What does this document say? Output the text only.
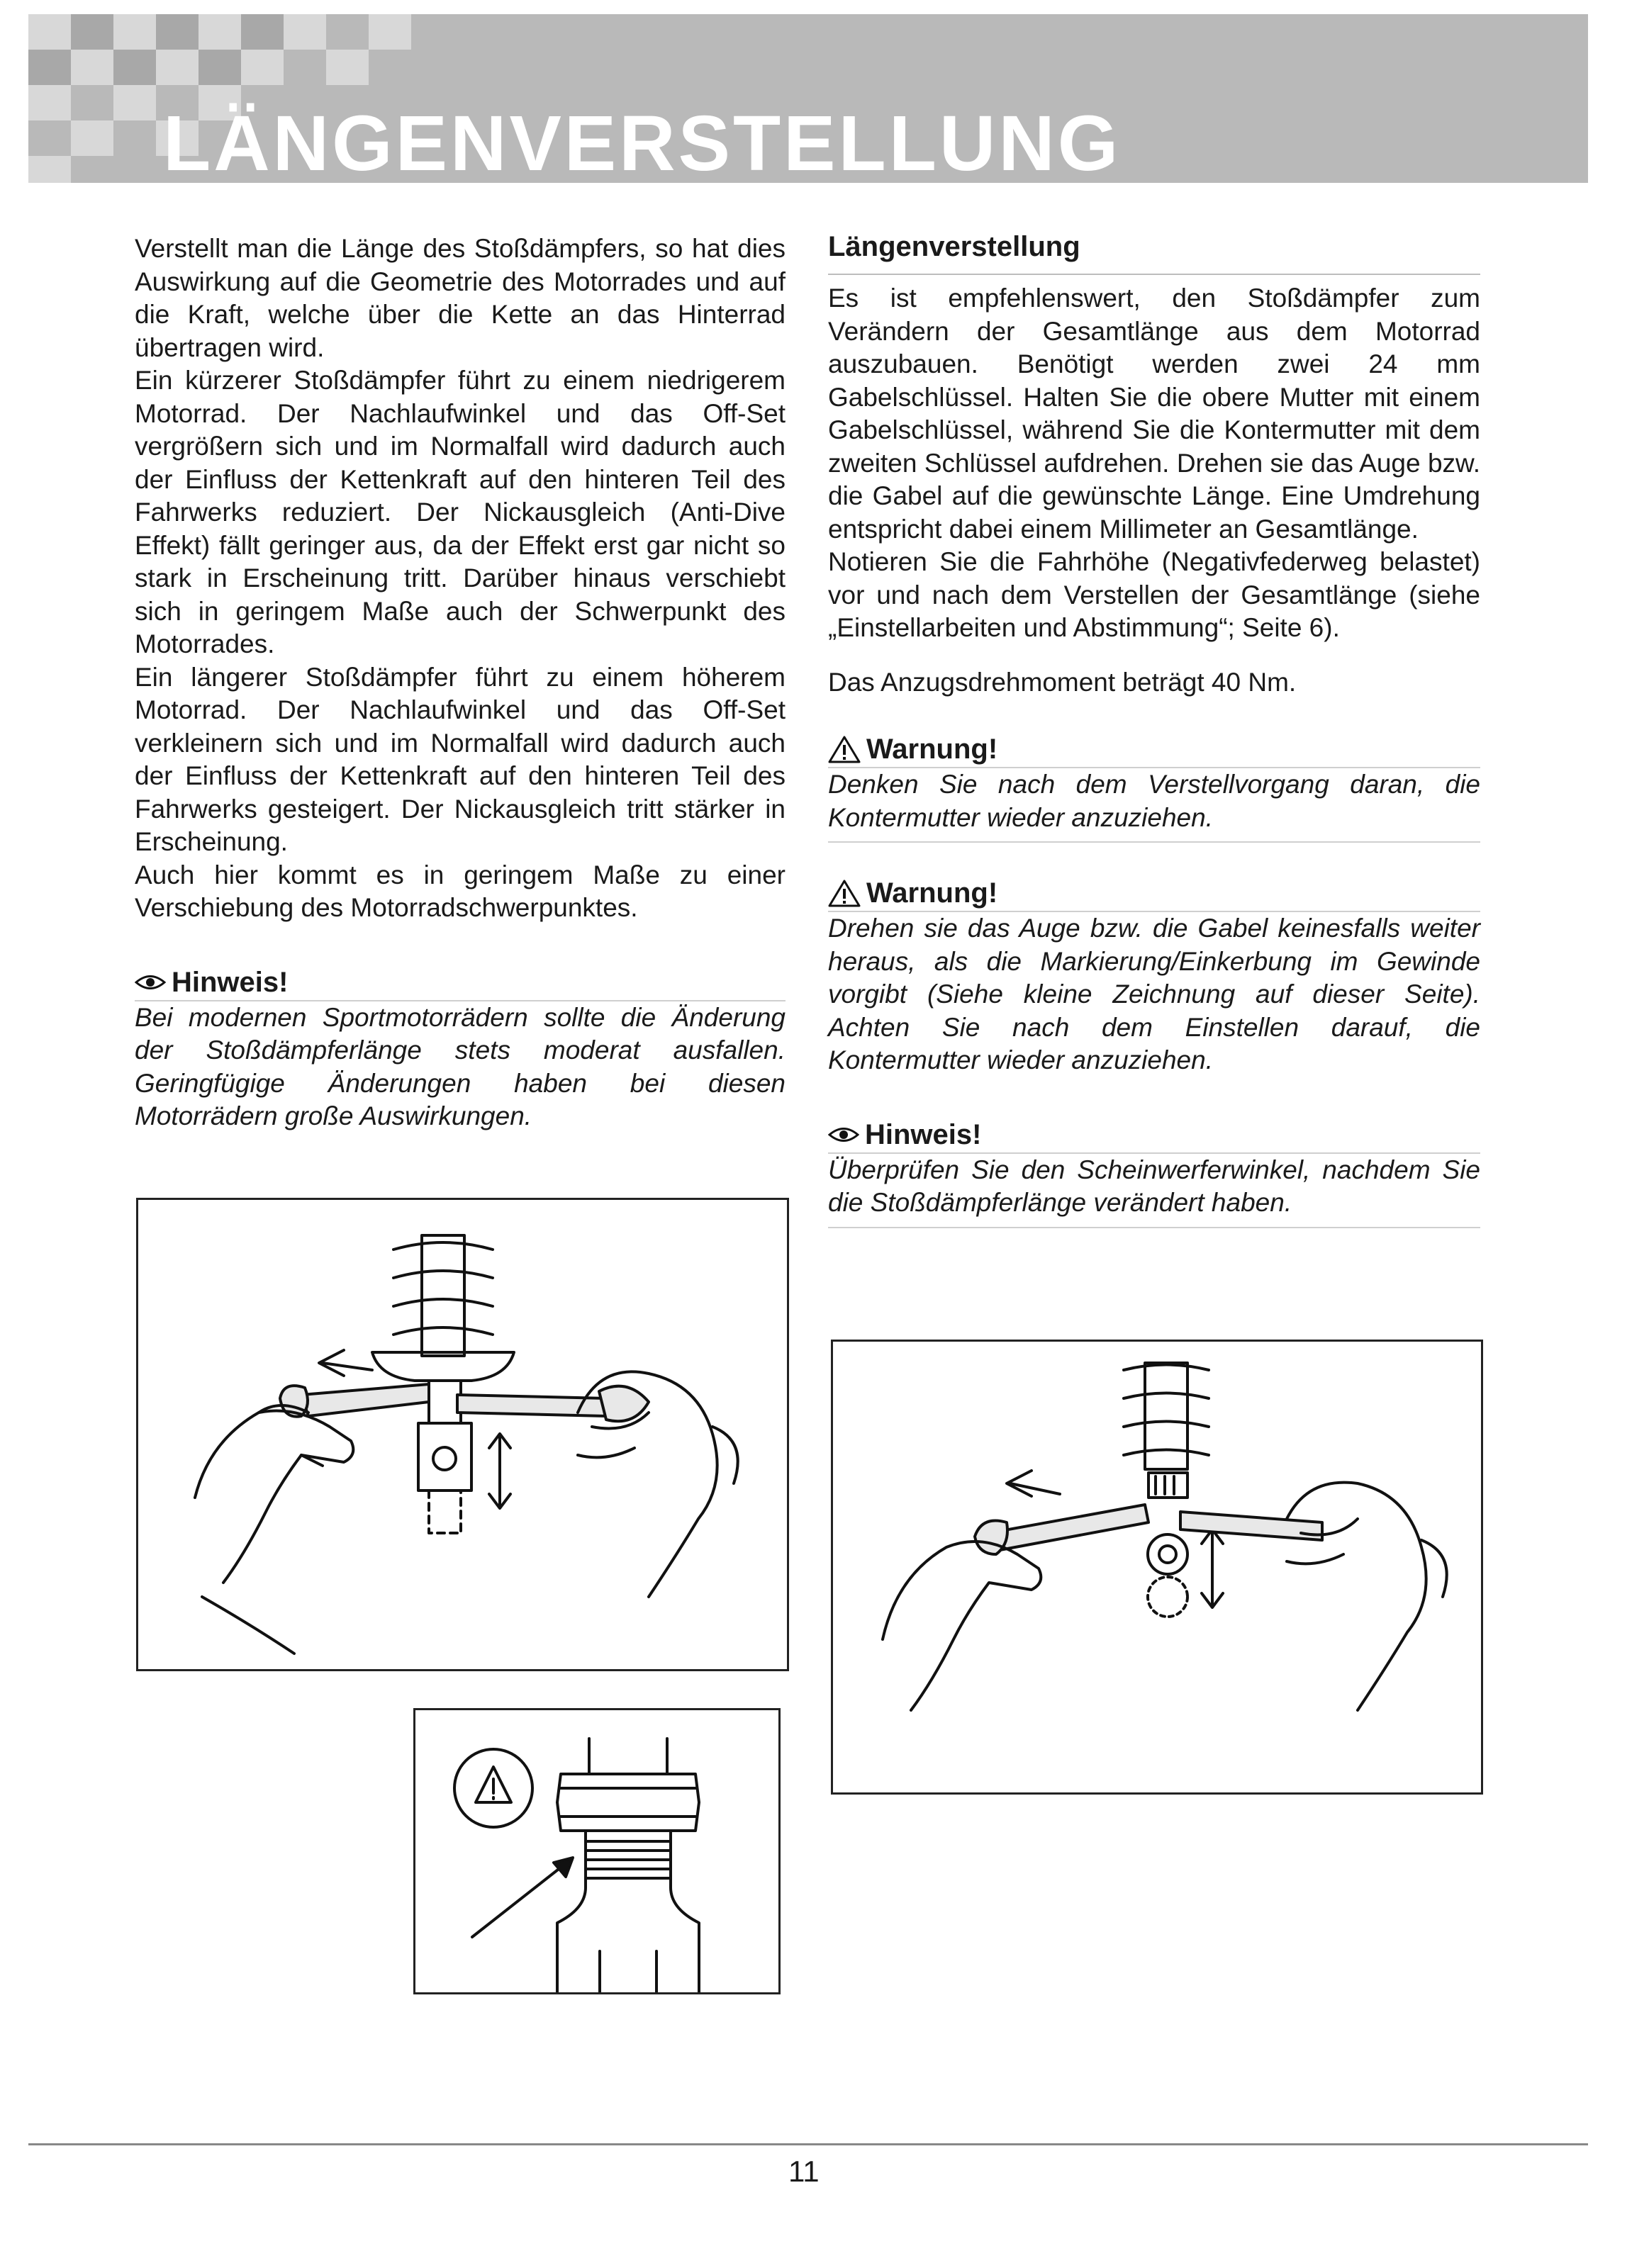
LÄNGENVERSTELLUNG

Verstellt man die Länge des Stoßdämpfers, so hat dies Auswirkung auf die Geometrie des Motorrades und auf die Kraft, welche über die Kette an das Hinterrad übertragen wird.

Ein kürzerer Stoßdämpfer führt zu einem niedrigerem Motorrad. Der Nachlaufwinkel und das Off-Set vergrößern sich und im Normalfall wird dadurch auch der Einfluss der Kettenkraft auf den hinteren Teil des Fahrwerks reduziert. Der Nickausgleich (Anti-Dive Effekt) fällt geringer aus, da der Effekt erst gar nicht so stark in Erscheinung tritt. Darüber hinaus verschiebt sich in geringem Maße auch der Schwerpunkt des Motorrades.

Ein längerer Stoßdämpfer führt zu einem höherem Motorrad. Der Nachlaufwinkel und das Off-Set verkleinern sich und im Normalfall wird dadurch auch der Einfluss der Kettenkraft auf den hinteren Teil des Fahrwerks gesteigert. Der Nickausgleich tritt stärker in Erscheinung.

Auch hier kommt es in geringem Maße zu einer Verschiebung des Motorradschwerpunktes.

Hinweis!
Bei modernen Sportmotorrädern sollte die Änderung der Stoßdämpferlänge stets moderat ausfallen. Geringfügige Änderungen haben bei diesen Motorrädern große Auswirkungen.
Längenverstellung

Es ist empfehlenswert, den Stoßdämpfer zum Verändern der Gesamtlänge aus dem Motorrad auszubauen. Benötigt werden zwei 24 mm Gabelschlüssel. Halten Sie die obere Mutter mit einem Gabelschlüssel, während Sie die Kontermutter mit dem zweiten Schlüssel aufdrehen. Drehen sie das Auge bzw. die Gabel auf die gewünschte Länge. Eine Umdrehung entspricht dabei einem Millimeter an Gesamtlänge.

Notieren Sie die Fahrhöhe (Negativfederweg belastet) vor und nach dem Verstellen der Gesamtlänge (siehe „Einstellarbeiten und Abstimmung“; Seite 6).

Das Anzugsdrehmoment beträgt 40 Nm.

Warnung!
Denken Sie nach dem Verstellvorgang daran, die Kontermutter wieder anzuziehen.
Warnung!
Drehen sie das Auge bzw. die Gabel keinesfalls weiter heraus, als die Markierung/Einkerbung im Gewinde vorgibt (Siehe kleine Zeichnung auf dieser Seite). Achten Sie nach dem Einstellen darauf, die Kontermutter wieder anzuziehen.
Hinweis!
Überprüfen Sie den Scheinwerferwinkel, nachdem Sie die Stoßdämpferlänge verändert haben.
11
